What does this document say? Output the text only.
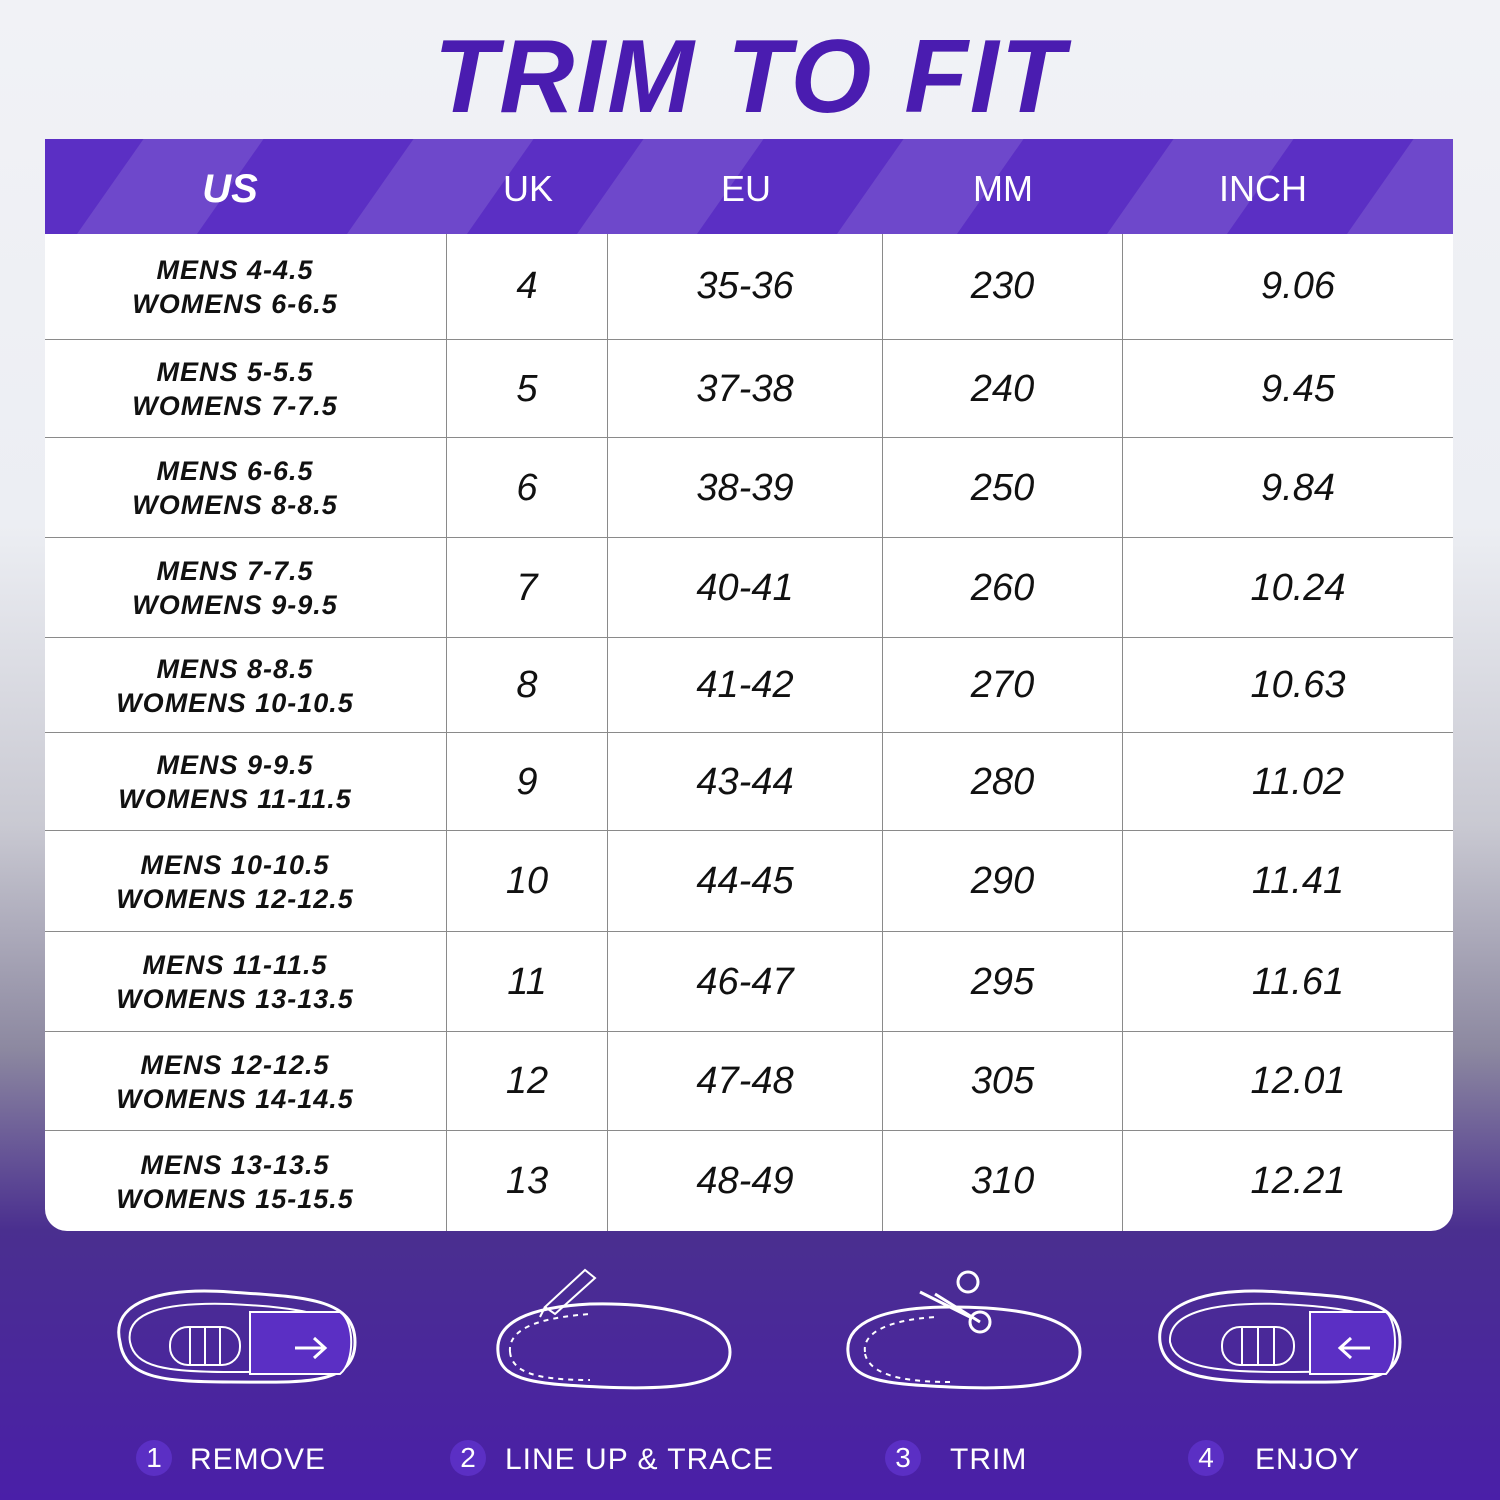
TRIM TO FIT
US	UK	EU	MM	INCH
MENS 4-4.5
WOMENS 6-6.5	4	35-36	230	9.06
MENS 5-5.5
WOMENS 7-7.5	5	37-38	240	9.45
MENS 6-6.5
WOMENS 8-8.5	6	38-39	250	9.84
MENS 7-7.5
WOMENS 9-9.5	7	40-41	260	10.24
MENS 8-8.5
WOMENS 10-10.5	8	41-42	270	10.63
MENS 9-9.5
WOMENS 11-11.5	9	43-44	280	11.02
MENS 10-10.5
WOMENS 12-12.5	10	44-45	290	11.41
MENS 11-11.5
WOMENS 13-13.5	11	46-47	295	11.61
MENS 12-12.5
WOMENS 14-14.5	12	47-48	305	12.01
MENS 13-13.5
WOMENS 15-15.5	13	48-49	310	12.21
1 REMOVE	2 LINE UP & TRACE	3	TRIM	4	ENJOY
